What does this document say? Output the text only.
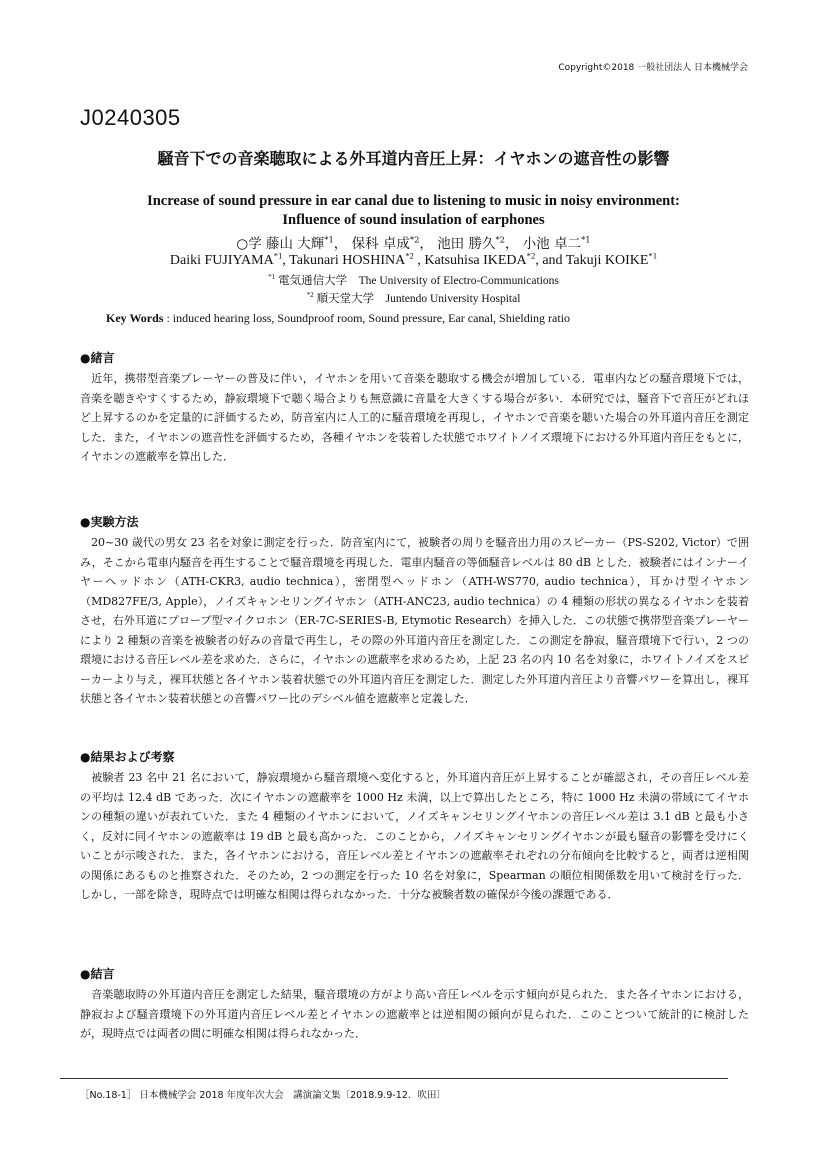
Copyright©2018 一般社団法人 日本機械学会
J0240305
騒音下での音楽聴取による外耳道内音圧上昇：イヤホンの遮音性の影響
Increase of sound pressure in ear canal due to listening to music in noisy environment:
Influence of sound insulation of earphones
○学 藤山 大輝$^{*1}$， 保科 卓成$^{*2}$， 池田 勝久$^{*2}$， 小池 卓二$^{*1}$
Daiki FUJIYAMA$^{*1}$, Takunari HOSHINA$^{*2}$ , Katsuhisa IKEDA$^{*2}$, and Takuji KOIKE$^{*1}$
$^{*1}$ 電気通信大学　The University of Electro-Communications
$^{*2}$ 順天堂大学　Juntendo University Hospital
Key Words : induced hearing loss, Soundproof room, Sound pressure, Ear canal, Shielding ratio
●緒言

　近年，携帯型音楽プレーヤーの普及に伴い，イヤホンを用いて音楽を聴取する機会が増加している．電車内などの騒音環境下では，音楽を聴きやすくするため，静寂環境下で聴く場合よりも無意識に音量を大きくする場合が多い．本研究では，騒音下で音圧がどれほど上昇するのかを定量的に評価するため，防音室内に人工的に騒音環境を再現し，イヤホンで音楽を聴いた場合の外耳道内音圧を測定した．また，イヤホンの遮音性を評価するため，各種イヤホンを装着した状態でホワイトノイズ環境下における外耳道内音圧をもとに，イヤホンの遮蔽率を算出した．

●実験方法

　20~30 歳代の男女 23 名を対象に測定を行った．防音室内にて，被験者の周りを騒音出力用のスピーカー（PS-S202, Victor）で囲み，そこから電車内騒音を再生することで騒音環境を再現した．電車内騒音の等価騒音レベルは 80 dB とした．被験者にはインナーイヤーヘッドホン（ATH-CKR3, audio technica），密閉型ヘッドホン（ATH-WS770, audio technica），耳かけ型イヤホン（MD827FE/3, Apple），ノイズキャンセリングイヤホン（ATH-ANC23, audio technica）の 4 種類の形状の異なるイヤホンを装着させ，右外耳道にプローブ型マイクロホン（ER-7C-SERIES-B, Etymotic Research）を挿入した．この状態で携帯型音楽プレーヤーにより 2 種類の音楽を被験者の好みの音量で再生し，その際の外耳道内音圧を測定した．この測定を静寂，騒音環境下で行い，2 つの環境における音圧レベル差を求めた．さらに，イヤホンの遮蔽率を求めるため，上記 23 名の内 10 名を対象に，ホワイトノイズをスピーカーより与え，裸耳状態と各イヤホン装着状態での外耳道内音圧を測定した．測定した外耳道内音圧より音響パワーを算出し，裸耳状態と各イヤホン装着状態との音響パワー比のデシベル値を遮蔽率と定義した．

●結果および考察

　被験者 23 名中 21 名において，静寂環境から騒音環境へ変化すると，外耳道内音圧が上昇することが確認され，その音圧レベル差の平均は 12.4 dB であった．次にイヤホンの遮蔽率を 1000 Hz 未満，以上で算出したところ，特に 1000 Hz 未満の帯域にてイヤホンの種類の違いが表れていた．また 4 種類のイヤホンにおいて，ノイズキャンセリングイヤホンの音圧レベル差は 3.1 dB と最も小さく，反対に同イヤホンの遮蔽率は 19 dB と最も高かった．このことから，ノイズキャンセリングイヤホンが最も騒音の影響を受けにくいことが示唆された．また，各イヤホンにおける，音圧レベル差とイヤホンの遮蔽率それぞれの分布傾向を比較すると，両者は逆相関の関係にあるものと推察された．そのため，2 つの測定を行った 10 名を対象に，Spearman の順位相関係数を用いて検討を行った．しかし，一部を除き，現時点では明確な相関は得られなかった．十分な被験者数の確保が今後の課題である．

●結言

　音楽聴取時の外耳道内音圧を測定した結果，騒音環境の方がより高い音圧レベルを示す傾向が見られた．また各イヤホンにおける，静寂および騒音環境下の外耳道内音圧レベル差とイヤホンの遮蔽率とは逆相関の傾向が見られた．このことついて統計的に検討したが，現時点では両者の間に明確な相関は得られなかった．

［No.18-1］ 日本機械学会 2018 年度年次大会　講演論文集〔2018.9.9-12．吹田〕
